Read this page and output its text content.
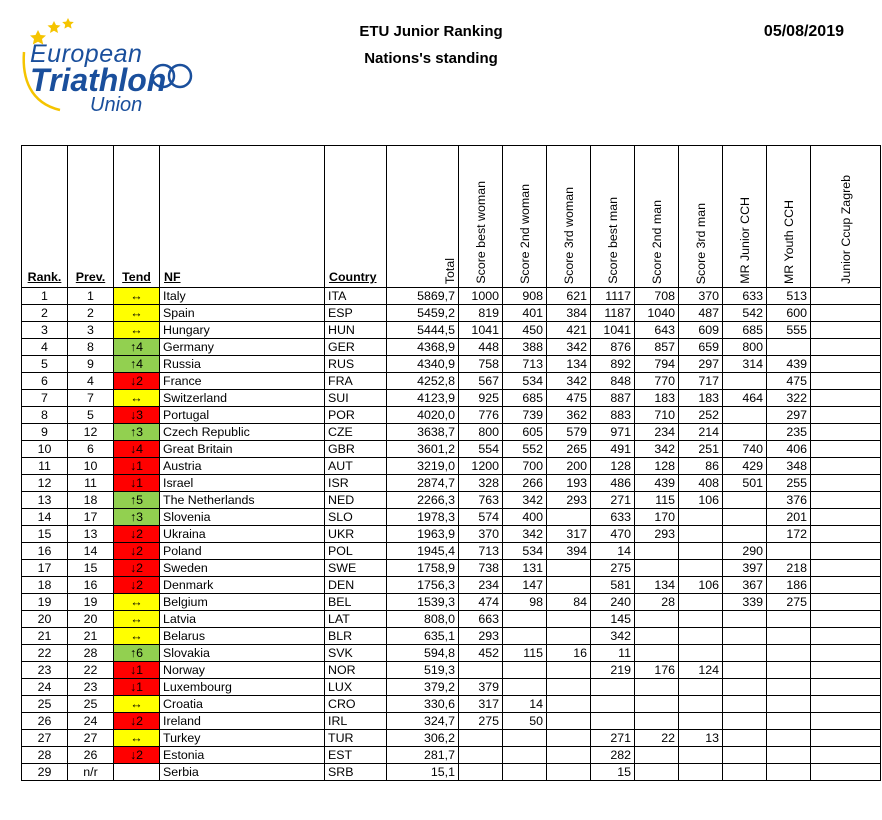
European
Triathlon
Union
ETU Junior Ranking
Nations's standing
05/08/2019
Rank.	Prev.	Tend	NF	Country	Total	Score best woman	Score 2nd woman	Score 3rd woman	Score best man	Score 2nd man	Score 3rd man	MR Junior CCH	MR Youth CCH	Junior Ccup Zagreb

1	1	↔	Italy	ITA	5869,7	1000	908	621	1117	708	370	633	513	
2	2	↔	Spain	ESP	5459,2	819	401	384	1187	1040	487	542	600	
3	3	↔	Hungary	HUN	5444,5	1041	450	421	1041	643	609	685	555	
4	8	↑4	Germany	GER	4368,9	448	388	342	876	857	659	800		
5	9	↑4	Russia	RUS	4340,9	758	713	134	892	794	297	314	439	
6	4	↓2	France	FRA	4252,8	567	534	342	848	770	717		475	
7	7	↔	Switzerland	SUI	4123,9	925	685	475	887	183	183	464	322	
8	5	↓3	Portugal	POR	4020,0	776	739	362	883	710	252		297	
9	12	↑3	Czech Republic	CZE	3638,7	800	605	579	971	234	214		235	
10	6	↓4	Great Britain	GBR	3601,2	554	552	265	491	342	251	740	406	
11	10	↓1	Austria	AUT	3219,0	1200	700	200	128	128	86	429	348	
12	11	↓1	Israel	ISR	2874,7	328	266	193	486	439	408	501	255	
13	18	↑5	The Netherlands	NED	2266,3	763	342	293	271	115	106		376	
14	17	↑3	Slovenia	SLO	1978,3	574	400		633	170			201	
15	13	↓2	Ukraina	UKR	1963,9	370	342	317	470	293			172	
16	14	↓2	Poland	POL	1945,4	713	534	394	14			290		
17	15	↓2	Sweden	SWE	1758,9	738	131		275			397	218	
18	16	↓2	Denmark	DEN	1756,3	234	147		581	134	106	367	186	
19	19	↔	Belgium	BEL	1539,3	474	98	84	240	28		339	275	
20	20	↔	Latvia	LAT	808,0	663			145					
21	21	↔	Belarus	BLR	635,1	293			342					
22	28	↑6	Slovakia	SVK	594,8	452	115	16	11					
23	22	↓1	Norway	NOR	519,3				219	176	124			
24	23	↓1	Luxembourg	LUX	379,2	379								
25	25	↔	Croatia	CRO	330,6	317	14							
26	24	↓2	Ireland	IRL	324,7	275	50							
27	27	↔	Turkey	TUR	306,2				271	22	13			
28	26	↓2	Estonia	EST	281,7				282					
29	n/r		Serbia	SRB	15,1				15					
